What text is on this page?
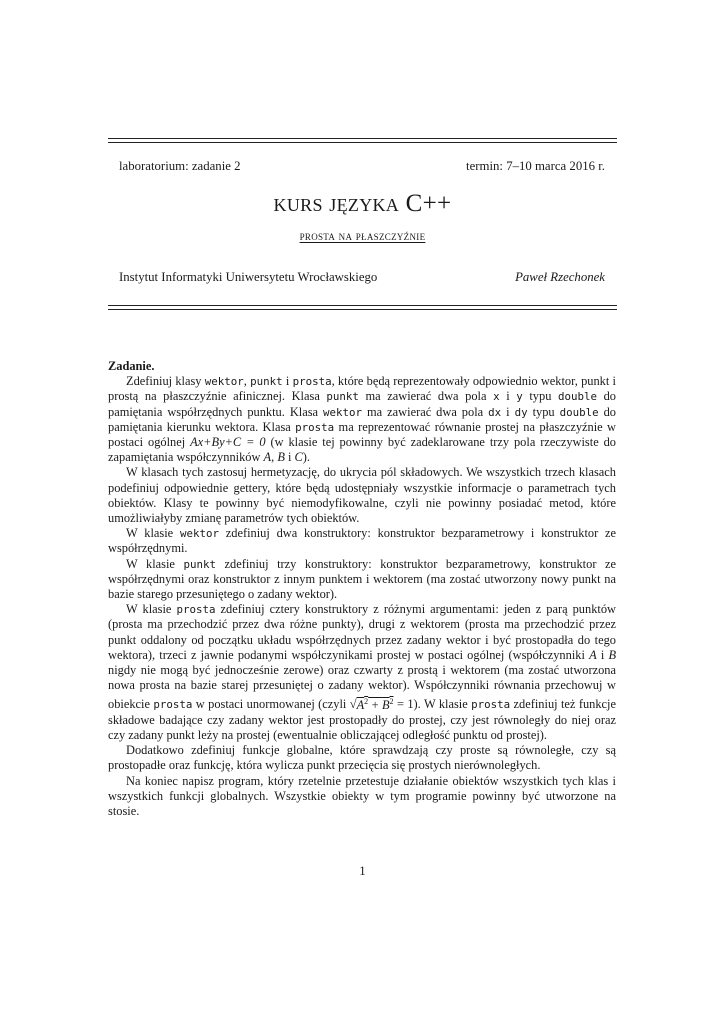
laboratorium: zadanie 2	termin: 7–10 marca 2016 r.
kurs języka C++
prosta na płaszczyźnie
Instytut Informatyki Uniwersytetu Wrocławskiego	Paweł Rzechonek

Zadanie.

Zdefiniuj klasy wektor, punkt i prosta, które będą reprezentowały odpowiednio wektor, punkt i prostą na płaszczyźnie afinicznej. Klasa punkt ma zawierać dwa pola x i y typu double do pamiętania współrzędnych punktu. Klasa wektor ma zawierać dwa pola dx i dy typu double do pamiętania kierunku wektora. Klasa prosta ma reprezentować równanie prostej na płaszczyźnie w postaci ogólnej Ax+By+C = 0 (w klasie tej powinny być zadeklarowane trzy pola rzeczywiste do zapamiętania współczynników A, B i C).

W klasach tych zastosuj hermetyzację, do ukrycia pól składowych. We wszystkich trzech klasach podefiniuj odpowiednie gettery, które będą udostępniały wszystkie informacje o parametrach tych obiektów. Klasy te powinny być niemodyfikowalne, czyli nie powinny posiadać metod, które umożliwiałyby zmianę parametrów tych obiektów.

W klasie wektor zdefiniuj dwa konstruktory: konstruktor bezparametrowy i konstruktor ze współrzędnymi.

W klasie punkt zdefiniuj trzy konstruktory: konstruktor bezparametrowy, konstruktor ze współrzędnymi oraz konstruktor z innym punktem i wektorem (ma zostać utworzony nowy punkt na bazie starego przesuniętego o zadany wektor).

W klasie prosta zdefiniuj cztery konstruktory z różnymi argumentami: jeden z parą punktów (prosta ma przechodzić przez dwa różne punkty), drugi z wektorem (prosta ma przechodzić przez punkt oddalony od początku układu współrzędnych przez zadany wektor i być prostopadła do tego wektora), trzeci z jawnie podanymi współczynikami prostej w postaci ogólnej (współczynniki A i B nigdy nie mogą być jednocześnie zerowe) oraz czwarty z prostą i wektorem (ma zostać utworzona nowa prosta na bazie starej przesuniętej o zadany wektor). Współczynniki równania przechowuj w obiekcie prosta w postaci unormowanej (czyli $√A^2 + B^2 = 1$). W klasie prosta zdefiniuj też funkcje składowe badające czy zadany wektor jest prostopadły do prostej, czy jest równoległy do niej oraz czy zadany punkt leży na prostej (ewentualnie obliczającej odległość punktu od prostej).

Dodatkowo zdefiniuj funkcje globalne, które sprawdzają czy proste są równoległe, czy są prostopadłe oraz funkcję, która wylicza punkt przecięcia się prostych nierównoległych.

Na koniec napisz program, który rzetelnie przetestuje działanie obiektów wszystkich tych klas i wszystkich funkcji globalnych. Wszystkie obiekty w tym programie powinny być utworzone na stosie.

1
